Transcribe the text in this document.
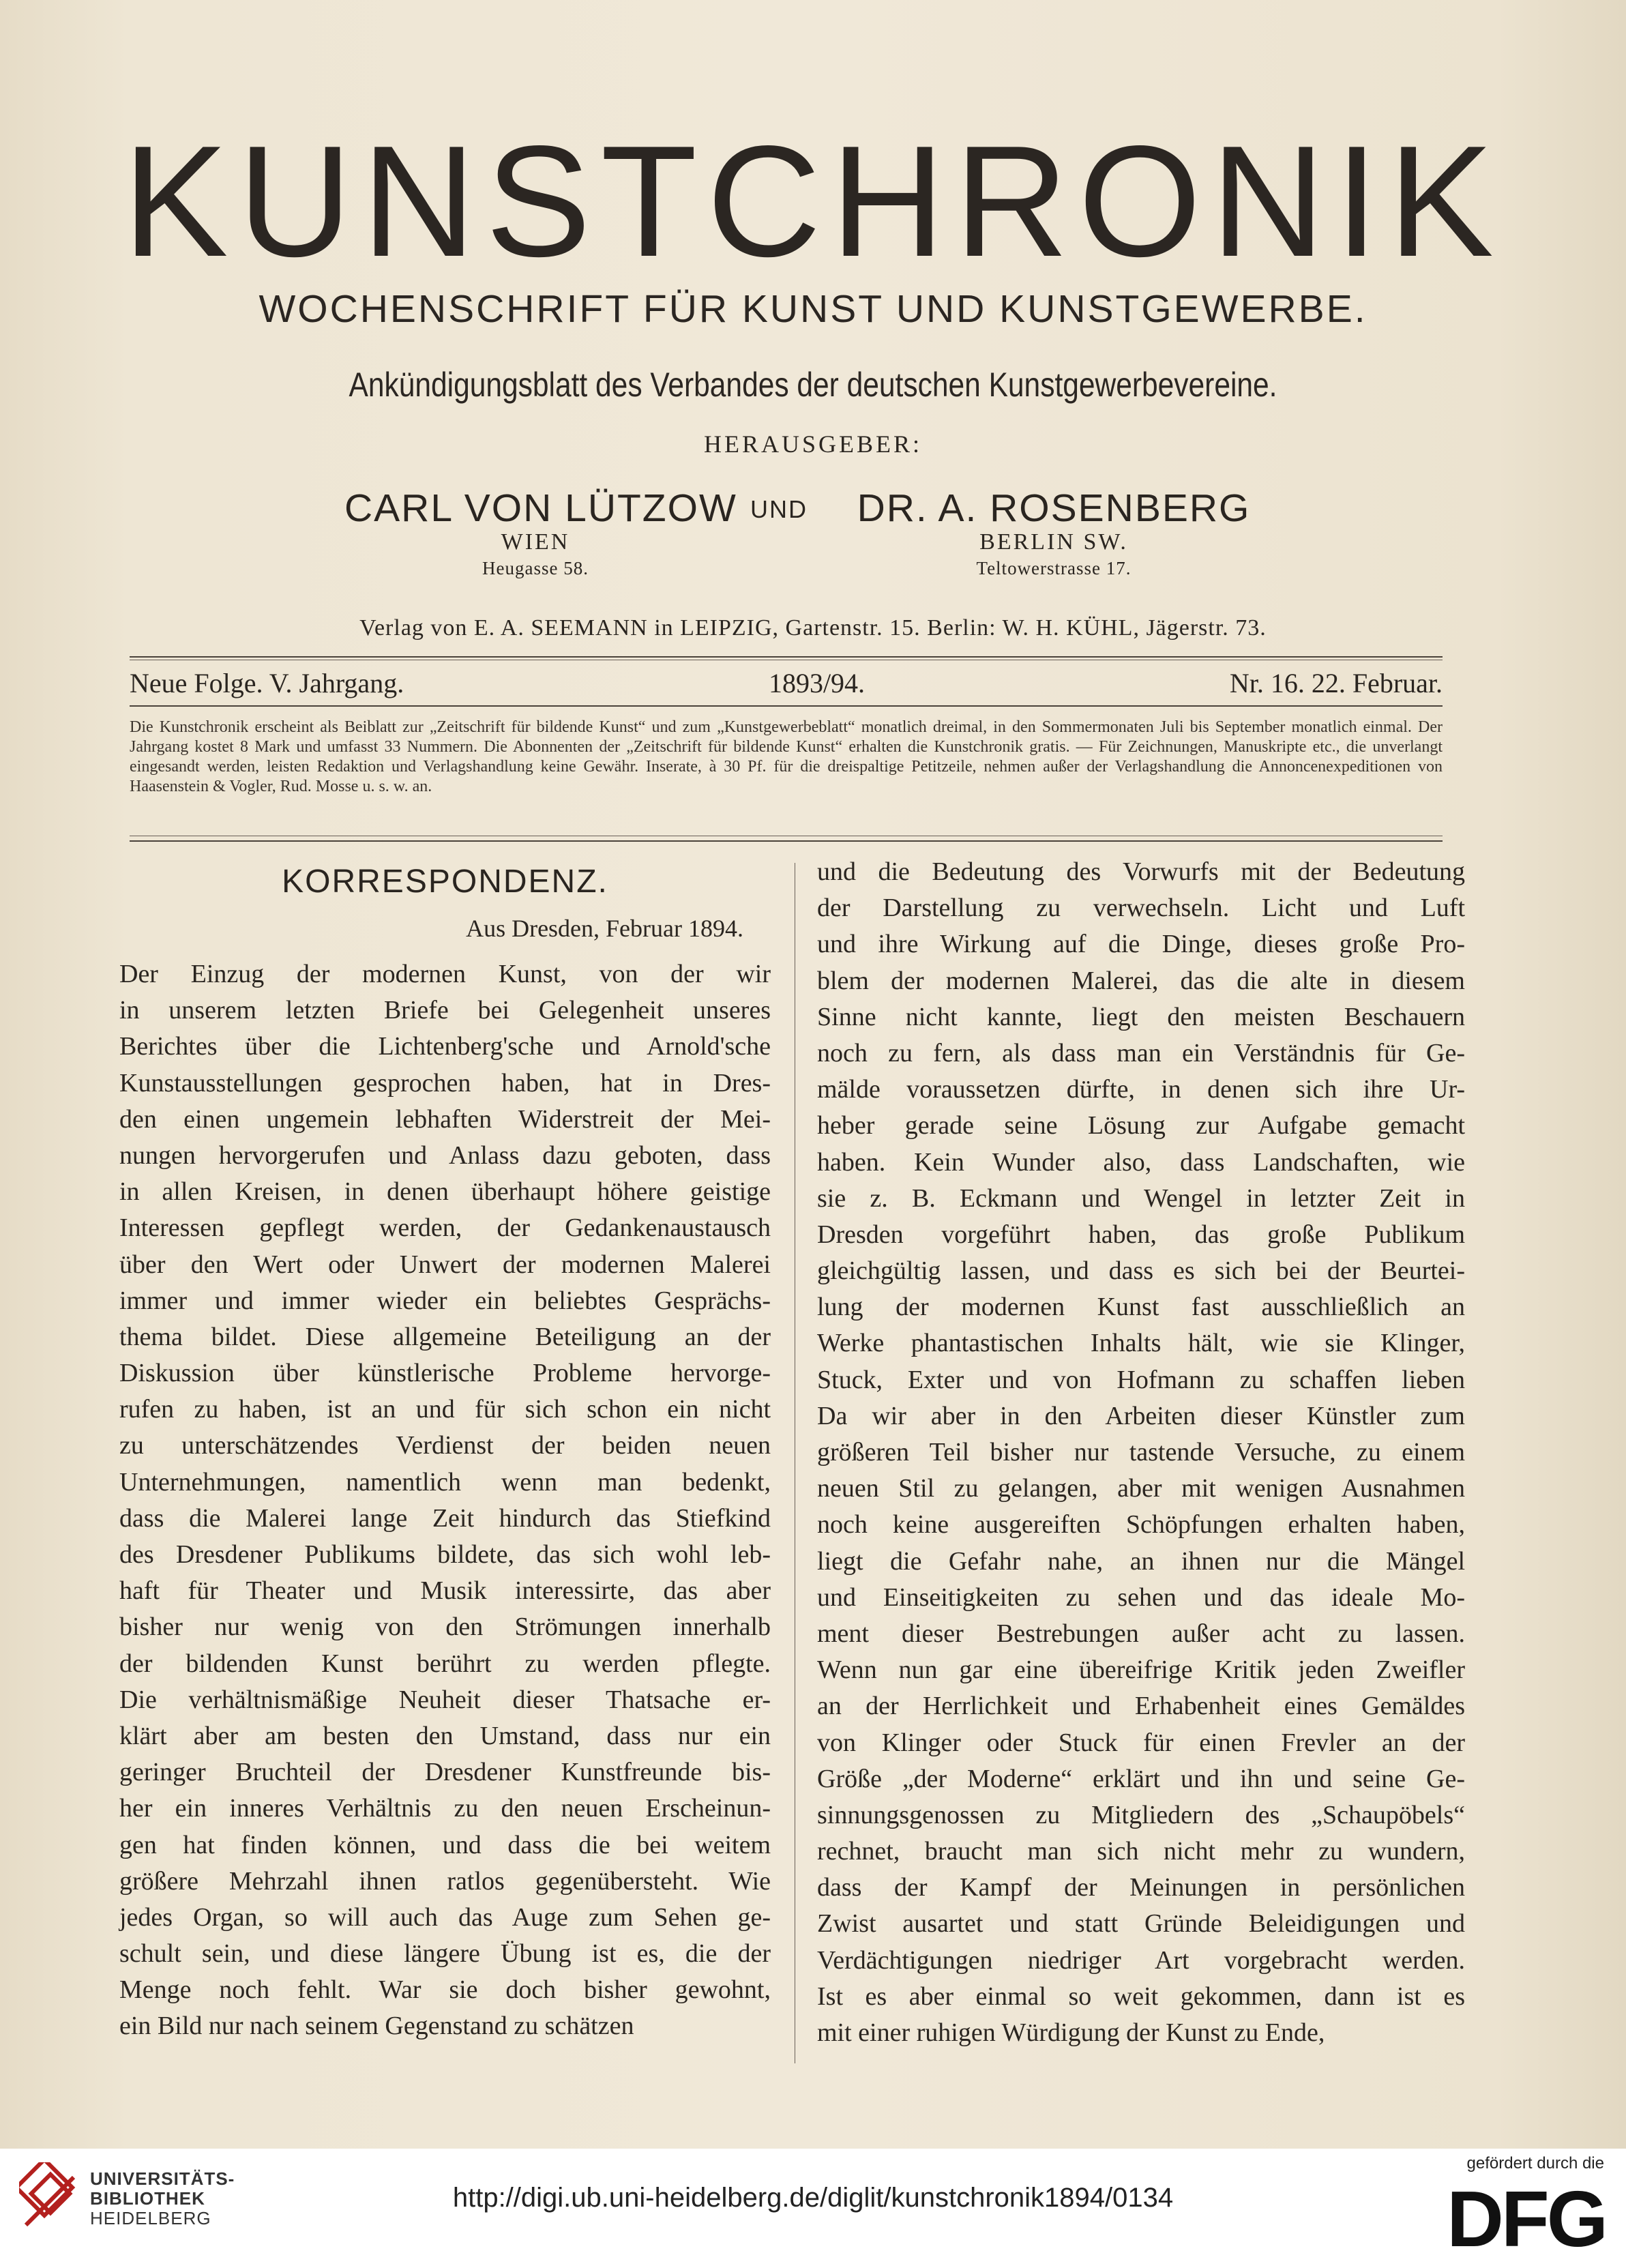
KUNSTCHRONIK
WOCHENSCHRIFT FÜR KUNST UND KUNSTGEWERBE.
Ankündigungsblatt des Verbandes der deutschen Kunstgewerbevereine.
HERAUSGEBER:
CARL VON LÜTZOW
WIEN
Heugasse 58.
UND DR. A. ROSENBERG
BERLIN SW.
Teltowerstrasse 17.
Verlag von E. A. SEEMANN in LEIPZIG, Gartenstr. 15. Berlin: W. H. KÜHL, Jägerstr. 73.
Neue Folge. V. Jahrgang.	1893/94.	Nr. 16. 22. Februar.
Die Kunstchronik erscheint als Beiblatt zur „Zeitschrift für bildende Kunst“ und zum „Kunstgewerbeblatt“ monatlich dreimal, in den Sommermonaten Juli bis September monatlich einmal. Der Jahrgang kostet 8 Mark und umfasst 33 Nummern. Die Abonnenten der „Zeitschrift für bildende Kunst“ erhalten die Kunstchronik gratis. — Für Zeichnungen, Manuskripte etc., die unverlangt eingesandt werden, leisten Redaktion und Verlagshandlung keine Gewähr. Inserate, à 30 Pf. für die dreispaltige Petitzeile, nehmen außer der Verlagshandlung die Annoncenexpeditionen von Haasenstein & Vogler, Rud. Mosse u. s. w. an.
KORRESPONDENZ.
Aus Dresden, Februar 1894.
Der Einzug der modernen Kunst, von der wir
in unserem letzten Briefe bei Gelegenheit unseres
Berichtes über die Lichtenberg'sche und Arnold'sche
Kunstausstellungen gesprochen haben, hat in Dres-
den einen ungemein lebhaften Widerstreit der Mei-
nungen hervorgerufen und Anlass dazu geboten, dass
in allen Kreisen, in denen überhaupt höhere geistige
Interessen gepflegt werden, der Gedankenaustausch
über den Wert oder Unwert der modernen Malerei
immer und immer wieder ein beliebtes Gesprächs-
thema bildet. Diese allgemeine Beteiligung an der
Diskussion über künstlerische Probleme hervorge-
rufen zu haben, ist an und für sich schon ein nicht
zu unterschätzendes Verdienst der beiden neuen
Unternehmungen, namentlich wenn man bedenkt,
dass die Malerei lange Zeit hindurch das Stiefkind
des Dresdener Publikums bildete, das sich wohl leb-
haft für Theater und Musik interessirte, das aber
bisher nur wenig von den Strömungen innerhalb
der bildenden Kunst berührt zu werden pflegte.
Die verhältnismäßige Neuheit dieser Thatsache er-
klärt aber am besten den Umstand, dass nur ein
geringer Bruchteil der Dresdener Kunstfreunde bis-
her ein inneres Verhältnis zu den neuen Erscheinun-
gen hat finden können, und dass die bei weitem
größere Mehrzahl ihnen ratlos gegenübersteht. Wie
jedes Organ, so will auch das Auge zum Sehen ge-
schult sein, und diese längere Übung ist es, die der
Menge noch fehlt. War sie doch bisher gewohnt,
ein Bild nur nach seinem Gegenstand zu schätzen
und die Bedeutung des Vorwurfs mit der Bedeutung
der Darstellung zu verwechseln. Licht und Luft
und ihre Wirkung auf die Dinge, dieses große Pro-
blem der modernen Malerei, das die alte in diesem
Sinne nicht kannte, liegt den meisten Beschauern
noch zu fern, als dass man ein Verständnis für Ge-
mälde voraussetzen dürfte, in denen sich ihre Ur-
heber gerade seine Lösung zur Aufgabe gemacht
haben. Kein Wunder also, dass Landschaften, wie
sie z. B. Eckmann und Wengel in letzter Zeit in
Dresden vorgeführt haben, das große Publikum
gleichgültig lassen, und dass es sich bei der Beurtei-
lung der modernen Kunst fast ausschließlich an
Werke phantastischen Inhalts hält, wie sie Klinger,
Stuck, Exter und von Hofmann zu schaffen lieben
Da wir aber in den Arbeiten dieser Künstler zum
größeren Teil bisher nur tastende Versuche, zu einem
neuen Stil zu gelangen, aber mit wenigen Ausnahmen
noch keine ausgereiften Schöpfungen erhalten haben,
liegt die Gefahr nahe, an ihnen nur die Mängel
und Einseitigkeiten zu sehen und das ideale Mo-
ment dieser Bestrebungen außer acht zu lassen.
Wenn nun gar eine übereifrige Kritik jeden Zweifler
an der Herrlichkeit und Erhabenheit eines Gemäldes
von Klinger oder Stuck für einen Frevler an der
Größe „der Moderne“ erklärt und ihn und seine Ge-
sinnungsgenossen zu Mitgliedern des „Schaupöbels“
rechnet, braucht man sich nicht mehr zu wundern,
dass der Kampf der Meinungen in persönlichen
Zwist ausartet und statt Gründe Beleidigungen und
Verdächtigungen niedriger Art vorgebracht werden.
Ist es aber einmal so weit gekommen, dann ist es
mit einer ruhigen Würdigung der Kunst zu Ende,
UNIVERSITÄTS-
BIBLIOTHEK
HEIDELBERG
http://digi.ub.uni-heidelberg.de/diglit/kunstchronik1894/0134
gefördert durch die
DFG
